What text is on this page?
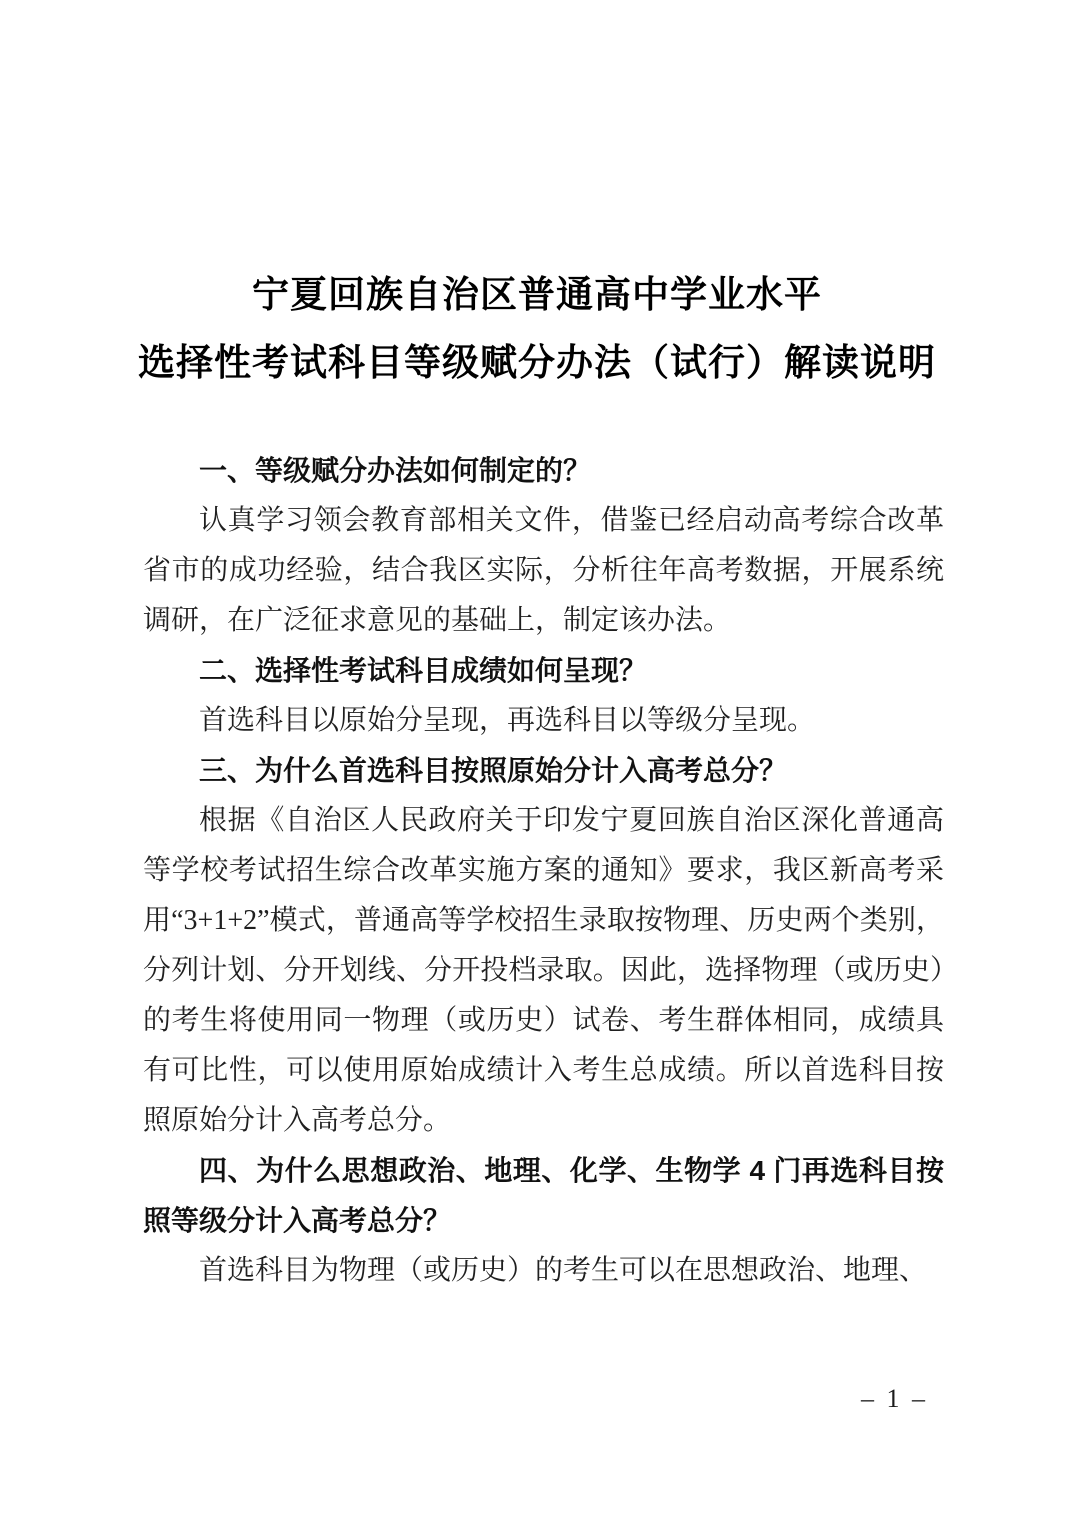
宁夏回族自治区普通高中学业水平
选择性考试科目等级赋分办法（试行）解读说明
一、等级赋分办法如何制定的？

认真学习领会教育部相关文件，借鉴已经启动高考综合改革省市的成功经验，结合我区实际，分析往年高考数据，开展系统调研，在广泛征求意见的基础上，制定该办法。

二、选择性考试科目成绩如何呈现？

首选科目以原始分呈现，再选科目以等级分呈现。

三、为什么首选科目按照原始分计入高考总分？

根据《自治区人民政府关于印发宁夏回族自治区深化普通高等学校考试招生综合改革实施方案的通知》要求，我区新高考采用“3+1+2”模式，普通高等学校招生录取按物理、历史两个类别，分列计划、分开划线、分开投档录取。因此，选择物理（或历史）的考生将使用同一物理（或历史）试卷、考生群体相同，成绩具有可比性，可以使用原始成绩计入考生总成绩。所以首选科目按照原始分计入高考总分。

四、为什么思想政治、地理、化学、生物学 4 门再选科目按照等级分计入高考总分？

首选科目为物理（或历史）的考生可以在思想政治、地理、

– 1 –
